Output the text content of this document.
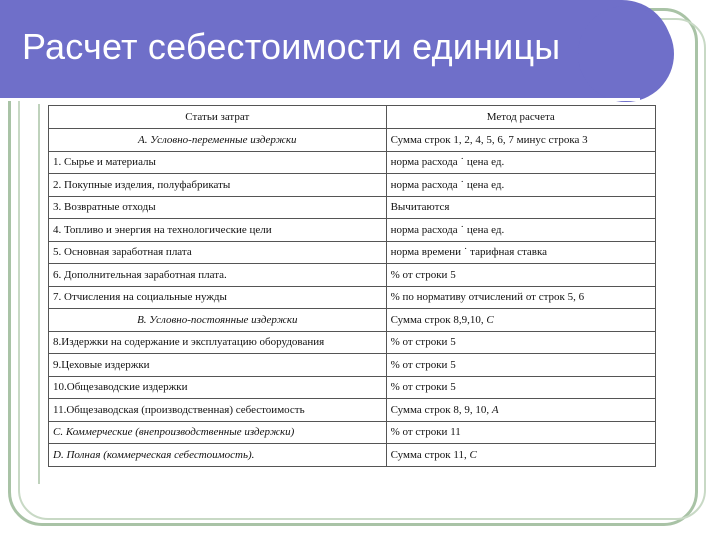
Расчет себестоимости единицы
Статьи затрат	Метод расчета
А. Условно-переменные издержки	Сумма строк 1, 2, 4, 5, 6, 7 минус строка 3
1. Сырье и материалы	норма расхода ˙ цена ед.
2. Покупные изделия, полуфабрикаты	норма расхода ˙ цена ед.
3. Возвратные отходы	Вычитаются
4. Топливо и энергия на технологические цели	норма расхода ˙ цена ед.
5. Основная заработная плата	норма времени ˙ тарифная ставка
6. Дополнительная заработная плата.	% от строки 5
7. Отчисления на социальные нужды	% по нормативу отчислений от строк 5, 6
В. Условно-постоянные издержки	Сумма строк 8,9,10, С
8.Издержки на содержание и эксплуатацию оборудования	% от строки 5
9.Цеховые издержки	% от строки 5
10.Общезаводские издержки	% от строки 5
11.Общезаводская (производственная) себестоимость	Сумма строк 8, 9, 10, А
С. Коммерческие (внепроизводственные издержки)	% от строки 11
D. Полная (коммерческая себестоимость).	Сумма строк 11, С
